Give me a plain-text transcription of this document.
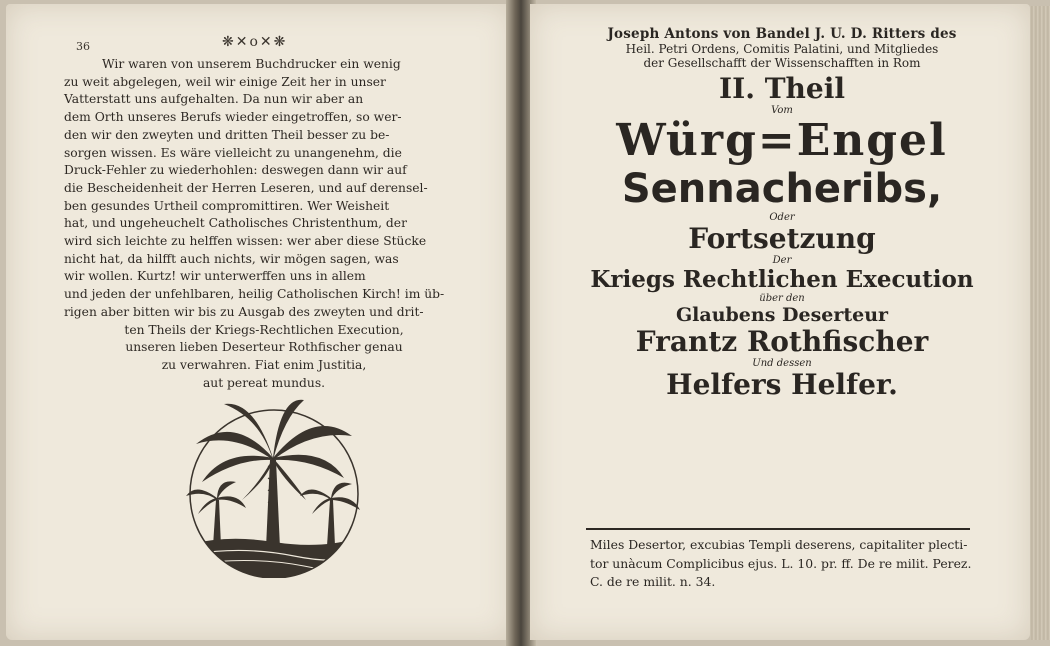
36	❋✕o✕❋
Wir waren von unserem Buchdrucker ein wenig
zu weit abgelegen, weil wir einige Zeit her in unser
Vatterstatt uns aufgehalten. Da nun wir aber an
dem Orth unseres Berufs wieder eingetroffen, so wer-
den wir den zweyten und dritten Theil besser zu be-
sorgen wissen. Es wäre vielleicht zu unangenehm, die
Druck-Fehler zu wiederhohlen: deswegen dann wir auf
die Bescheidenheit der Herren Leseren, und auf derensel-
ben gesundes Urtheil compromittiren. Wer Weisheit
hat, und ungeheuchelt Catholisches Christenthum, der
wird sich leichte zu helffen wissen: wer aber diese Stücke
nicht hat, da hilfft auch nichts, wir mögen sagen, was
wir wollen. Kurtz! wir unterwerffen uns in allem
und jeden der unfehlbaren, heilig Catholischen Kirch! im üb-
rigen aber bitten wir bis zu Ausgab des zweyten und drit-
ten Theils der Kriegs-Rechtlichen Execution,
unseren lieben Deserteur Rothfischer genau
zu verwahren. Fiat enim Justitia,
aut pereat mundus.
Joseph Antons von Bandel J. U. D. Ritters des
Heil. Petri Ordens, Comitis Palatini, und Mitgliedes
der Gesellschafft der Wissenschafften in Rom
II. Theil
Vom
Würg=Engel
Sennacheribs,
Oder
Fortsetzung
Der
Kriegs Rechtlichen Execution
über den
Glaubens Deserteur
Frantz Rothfischer
Und dessen
Helfers Helfer.
Miles Desertor, excubias Templi deserens, capitaliter plecti-
tor unàcum Complicibus ejus. L. 10. pr. ff. De re milit. Perez.
C. de re milit. n. 34.
